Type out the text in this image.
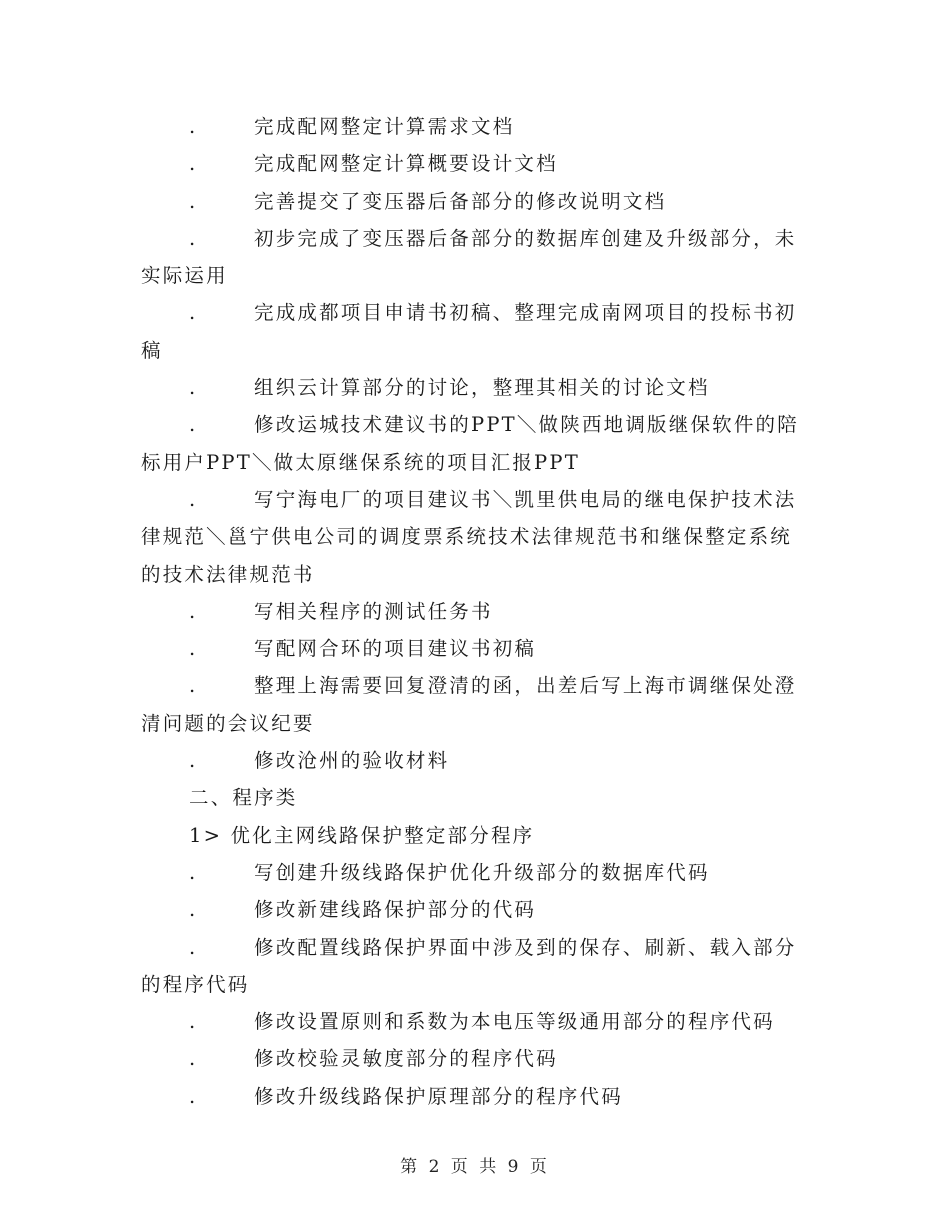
.	完成配网整定计算需求文档

.	完成配网整定计算概要设计文档

.	完善提交了变压器后备部分的修改说明文档

.	初步完成了变压器后备部分的数据库创建及升级部分，未实际运用

.	完成成都项目申请书初稿、整理完成南网项目的投标书初稿

.	组织云计算部分的讨论，整理其相关的讨论文档

.	修改运城技术建议书的PPT＼做陕西地调版继保软件的陪标用户PPT＼做太原继保系统的项目汇报PPT

.	写宁海电厂的项目建议书＼凯里供电局的继电保护技术法律规范＼邕宁供电公司的调度票系统技术法律规范书和继保整定系统的技术法律规范书

.	写相关程序的测试任务书

.	写配网合环的项目建议书初稿

.	整理上海需要回复澄清的函，出差后写上海市调继保处澄清问题的会议纪要

.	修改沧州的验收材料

二、程序类

1> 优化主网线路保护整定部分程序

.	写创建升级线路保护优化升级部分的数据库代码

.	修改新建线路保护部分的代码

.	修改配置线路保护界面中涉及到的保存、刷新、载入部分的程序代码

.	修改设置原则和系数为本电压等级通用部分的程序代码

.	修改校验灵敏度部分的程序代码

.	修改升级线路保护原理部分的程序代码

第 2 页 共 9 页
